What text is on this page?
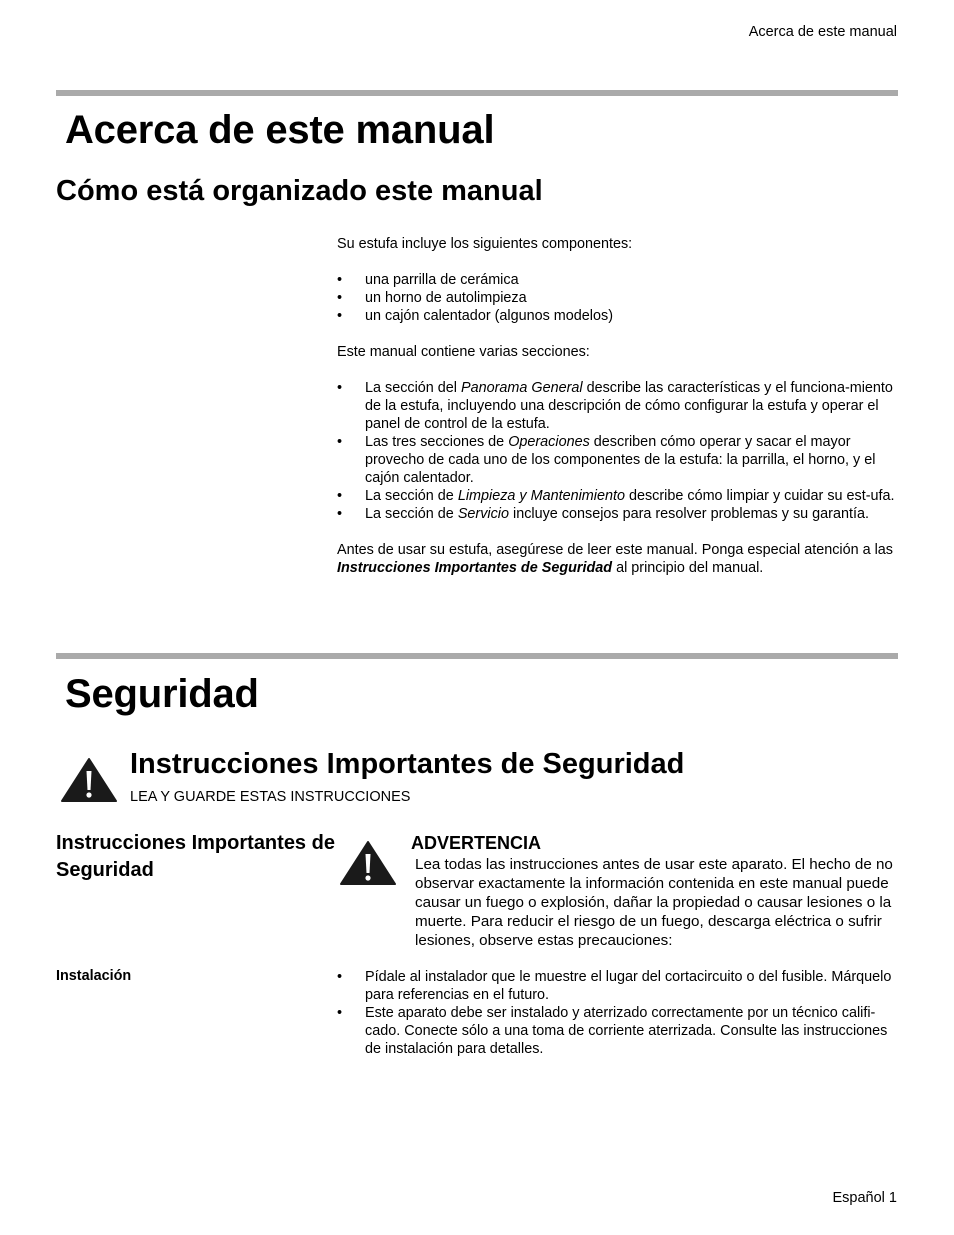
Acerca de este manual
Acerca de este manual
Cómo está organizado este manual

Su estufa incluye los siguientes componentes:

• una parrilla de cerámica
• un horno de autolimpieza
• un cajón calentador (algunos modelos)

Este manual contiene varias secciones:

• La sección del Panorama General describe las características y el funciona-miento de la estufa, incluyendo una descripción de cómo configurar la estufa y operar el panel de control de la estufa.
• Las tres secciones de Operaciones describen cómo operar y sacar el mayor provecho de cada uno de los componentes de la estufa: la parrilla, el horno, y el cajón calentador.
• La sección de Limpieza y Mantenimiento describe cómo limpiar y cuidar su est-ufa.
• La sección de Servicio incluye consejos para resolver problemas y su garantía.

Antes de usar su estufa, asegúrese de leer este manual. Ponga especial atención a las Instrucciones Importantes de Seguridad al principio del manual.

Seguridad
Instrucciones Importantes de Seguridad
LEA Y GUARDE ESTAS INSTRUCCIONES
Instrucciones Importantes de Seguridad
ADVERTENCIA
Lea todas las instrucciones antes de usar este aparato. El hecho de no observar exactamente la información contenida en este manual puede causar un fuego o explosión, dañar la propiedad o causar lesiones o la muerte. Para reducir el riesgo de un fuego, descarga eléctrica o sufrir lesiones, observe estas precauciones:
Instalación
•	Pídale al instalador que le muestre el lugar del cortacircuito o del fusible. Márquelo para referencias en el futuro.
• Este aparato debe ser instalado y aterrizado correctamente por un técnico califi-cado. Conecte sólo a una toma de corriente aterrizada. Consulte las instrucciones de instalación para detalles.
Español 1
